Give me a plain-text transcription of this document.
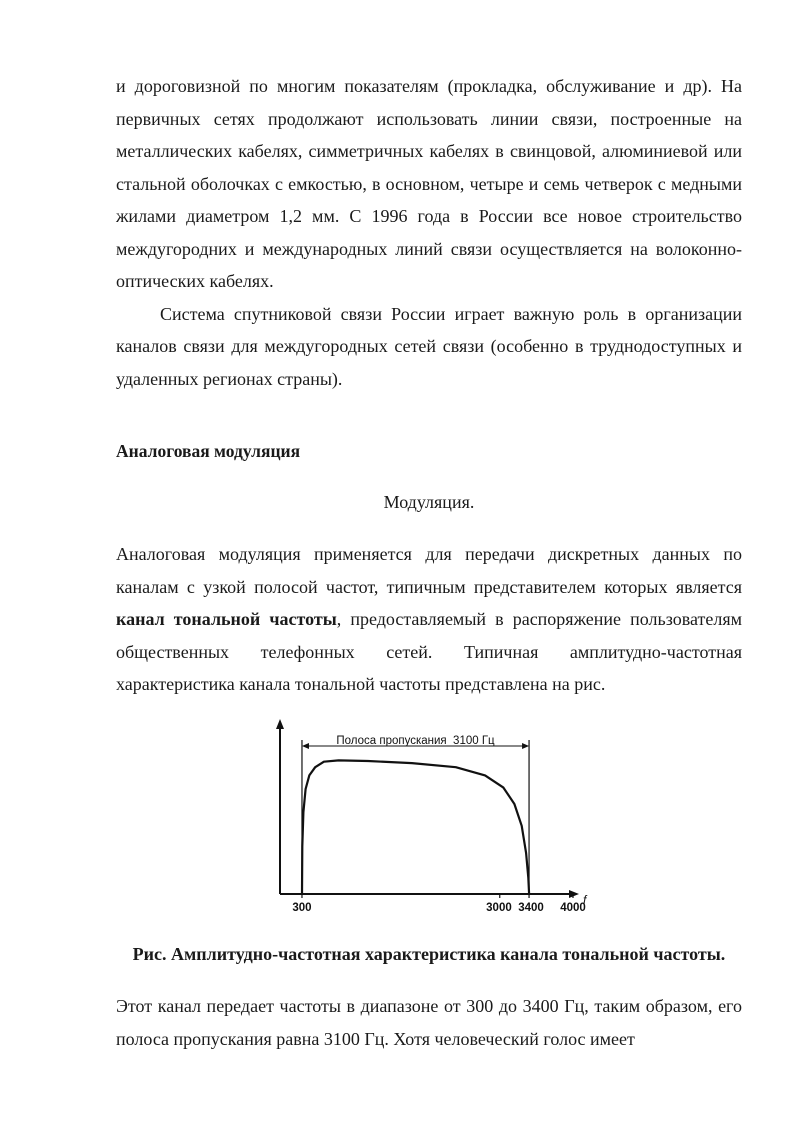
и дороговизной по многим показателям (прокладка, обслуживание и др). На первичных сетях продолжают использовать линии связи, построенные на металлических кабелях, симметричных кабелях в свинцовой, алюминиевой или стальной оболочках с емкостью, в основном, четыре и семь четверок с медными жилами диаметром 1,2 мм. С 1996 года в России все новое строительство междугородних и международных линий связи осуществляется на волоконно-оптических кабелях.

Система спутниковой связи России играет важную роль в организации каналов связи для междугородных сетей связи (особенно в труднодоступных и удаленных регионах страны).

Аналоговая модуляция

Модуляция.

Аналоговая модуляция применяется для передачи дискретных данных по каналам с узкой полосой частот, типичным представителем которых является канал тональной частоты, предоставляемый в распоряжение пользователям общественных телефонных сетей. Типичная амплитудно-частотная характеристика канала тональной частоты представлена на рис.

Полоса пропускания  3100 Гц
300	3000 3400 4000
f

Рис. Амплитудно-частотная характеристика канала тональной частоты.

Этот канал передает частоты в диапазоне от 300 до 3400 Гц, таким образом, его полоса пропускания равна 3100 Гц. Хотя человеческий голос имеет
